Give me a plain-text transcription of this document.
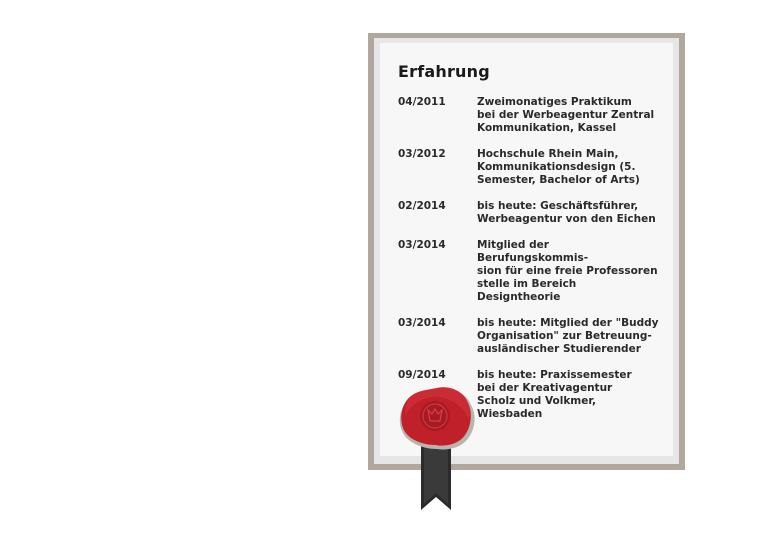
Erfahrung
04/2011	Zweimonatiges Praktikum
bei der Werbeagentur Zentral
Kommunikation, Kassel
03/2012	Hochschule Rhein Main,
Kommunikationsdesign (5.
Semester, Bachelor of Arts)
02/2014	bis heute: Geschäftsführer,
Werbeagentur von den Eichen
03/2014	Mitglied der Berufungskommis-
sion für eine freie Professoren
stelle im Bereich Designtheorie
03/2014	bis heute: Mitglied der "Buddy
Organisation" zur Betreuung-
ausländischer Studierender
09/2014	bis heute: Praxissemester
bei der Kreativagentur
Scholz und Volkmer, Wiesbaden
